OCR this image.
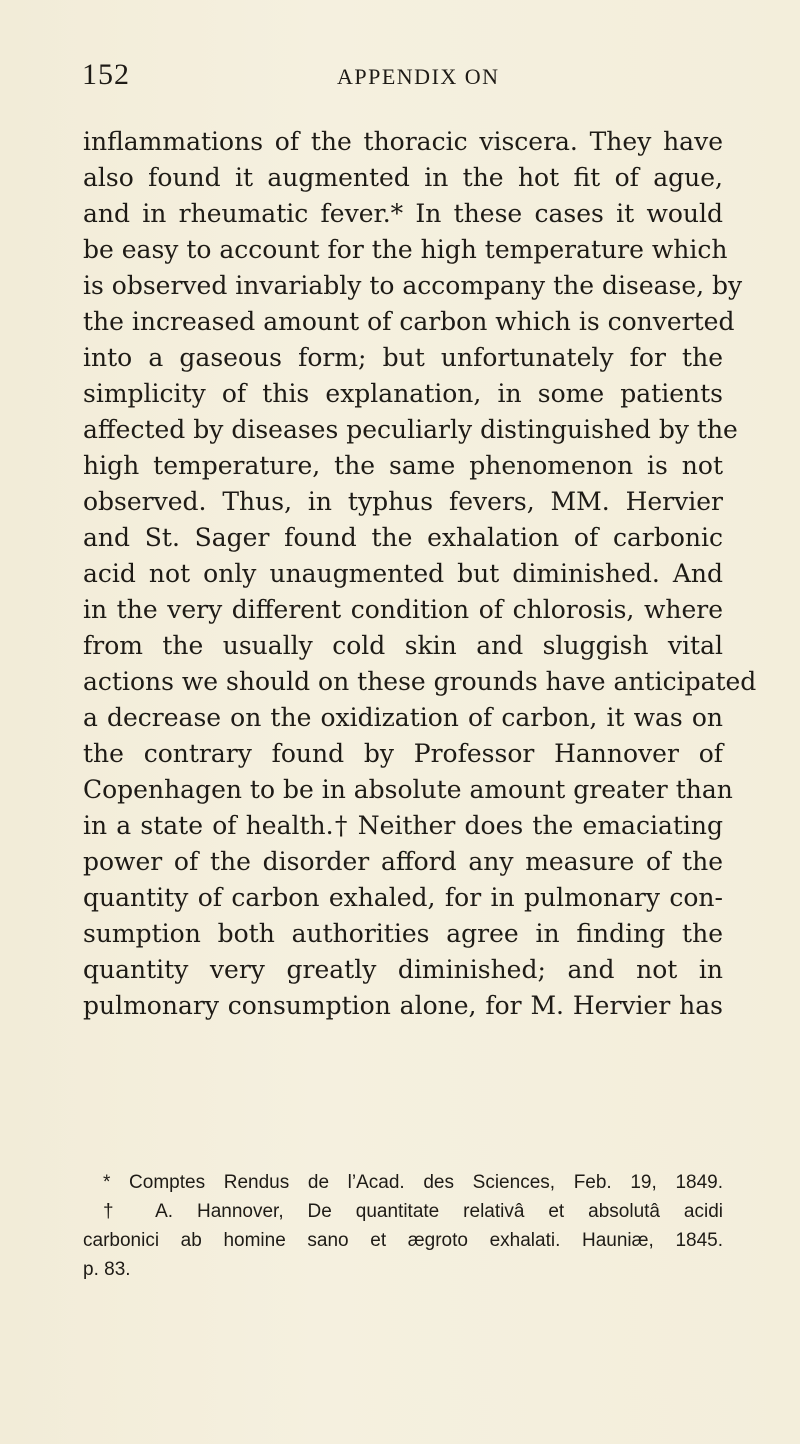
152	APPENDIX ON
inflammations of the thoracic viscera. They have
also found it augmented in the hot fit of ague,
and in rheumatic fever.* In these cases it would
be easy to account for the high temperature which
is observed invariably to accompany the disease, by
the increased amount of carbon which is converted
into a gaseous form; but unfortunately for the
simplicity of this explanation, in some patients
affected by diseases peculiarly distinguished by the
high temperature, the same phenomenon is not
observed. Thus, in typhus fevers, MM. Hervier
and St. Sager found the exhalation of carbonic
acid not only unaugmented but diminished. And
in the very different condition of chlorosis, where
from the usually cold skin and sluggish vital
actions we should on these grounds have anticipated
a decrease on the oxidization of carbon, it was on
the contrary found by Professor Hannover of
Copenhagen to be in absolute amount greater than
in a state of health.† Neither does the emaciating
power of the disorder afford any measure of the
quantity of carbon exhaled, for in pulmonary con-
sumption both authorities agree in finding the
quantity very greatly diminished; and not in
pulmonary consumption alone, for M. Hervier has
* Comptes Rendus de l’Acad. des Sciences, Feb. 19, 1849.
† A. Hannover, De quantitate relativâ et absolutâ acidi
carbonici ab homine sano et ægroto exhalati. Hauniæ, 1845.
p. 83.
